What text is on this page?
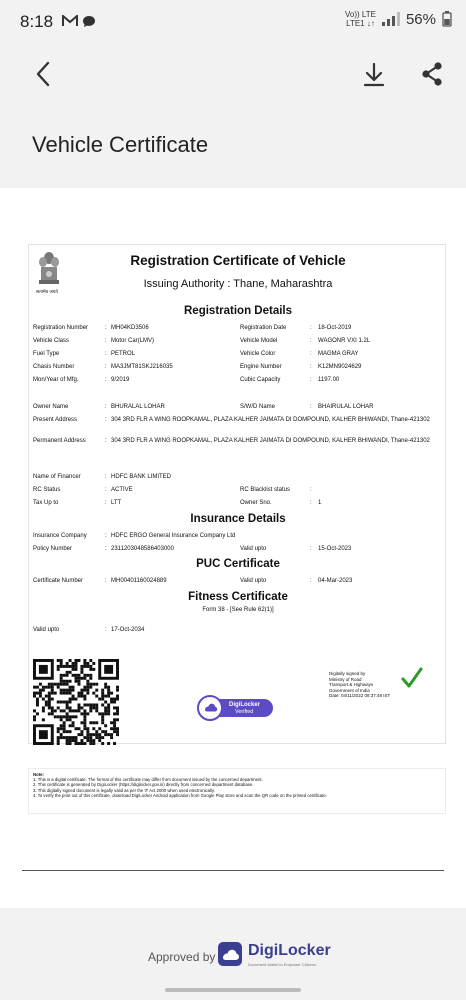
8:18
	Vo)) LTE
LTE1 ↓↑ 56%
Vehicle Certificate
सत्यमेव जयते
Registration Certificate of Vehicle
Issuing Authority : Thane, Maharashtra
Registration Details
Registration Number	: MH04KD3506	Registration Date	: 18-Oct-2019
Vehicle Class	: Motor Car(LMV)	Vehicle Model	: WAGONR VXI 1.2L
Fuel Type	: PETROL	Vehicle Color	: MAGMA GRAY
Chasis Number	: MA3JMT81SKJ216035	Engine Number	: K12MN9024629
Mon/Year of Mfg.	: 9/2019	Cubic Capacity	: 1197.00
Owner Name	: BHURALAL LOHAR	S/W/D Name	: BHAIRULAL LOHAR
Present Address	: 304 3RD FLR A WING ROOPKAMAL, PLAZA KALHER JAIMATA DI DOMPOUND, KALHER BHIWANDI, Thane-421302
Permanent Address	: 304 3RD FLR A WING ROOPKAMAL, PLAZA KALHER JAIMATA DI DOMPOUND, KALHER BHIWANDI, Thane-421302
Name of Financer	: HDFC BANK LIMITED
RC Status	: ACTIVE	RC Blacklist status	:
Tax Up to	: LTT	Owner Sno.	: 1
Insurance Details
Insurance Company	: HDFC ERGO General Insurance Company Ltd
Policy Number	: 2311203048586403000	Valid upto	: 15-Oct-2023
PUC Certificate
Certificate Number	: MH00401160024889	Valid upto	: 04-Mar-2023
Fitness Certificate
Form 38 - [See Rule 62(1)]
Valid upto	: 17-Oct-2034
DigiLocker
Verified
Digitally signed by
Ministry of Road
Transport & Highways
Government of India
Date: 04/11/2022 08:37:49 IST
Note:
1. This is a digital certificate. The format of this certificate may differ from document issued by the concerned department.
2. This certificate is generated by DigiLocker (https://digilocker.gov.in) directly from concerned department database.
3. This digitally signed document is legally valid as per the IT Act 2000 when used electronically.
4. To verify the print out of this certificate, download DigiLocker Android application from Google Play store and scan the QR code on the printed certificate.
Approved by DigiLocker
Document Wallet to Empower Citizens
